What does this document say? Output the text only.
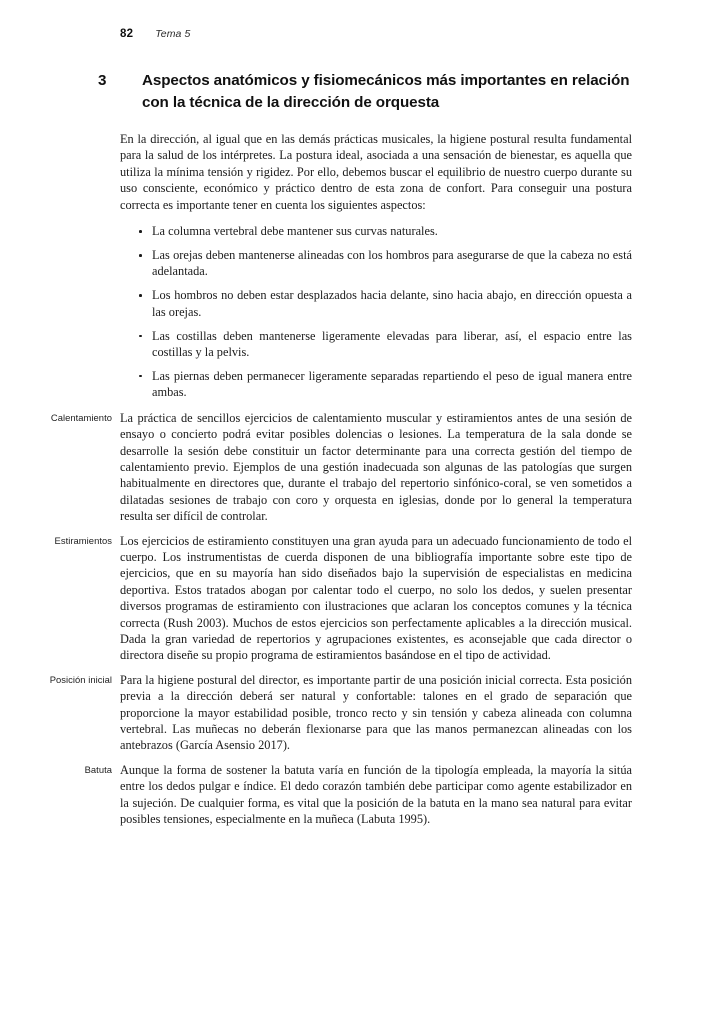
82 Tema 5
3 Aspectos anatómicos y fisiomecánicos más importantes en relación con la técnica de la dirección de orquesta

En la dirección, al igual que en las demás prácticas musicales, la higiene postural resulta fundamental para la salud de los intérpretes. La postura ideal, asociada a una sensación de bienestar, es aquella que utiliza la mínima tensión y rigidez. Por ello, debemos buscar el equilibrio de nuestro cuerpo durante su uso consciente, económico y práctico dentro de esta zona de confort. Para conseguir una postura correcta es importante tener en cuenta los siguientes aspectos:

La columna vertebral debe mantener sus curvas naturales.
Las orejas deben mantenerse alineadas con los hombros para asegurarse de que la cabeza no está adelantada.
Los hombros no deben estar desplazados hacia delante, sino hacia abajo, en dirección opuesta a las orejas.
Las costillas deben mantenerse ligeramente elevadas para liberar, así, el espacio entre las costillas y la pelvis.
Las piernas deben permanecer ligeramente separadas repartiendo el peso de igual manera entre ambas.

La práctica de sencillos ejercicios de calentamiento muscular y estiramientos antes de una sesión de ensayo o concierto podrá evitar posibles dolencias o lesiones. La temperatura de la sala donde se desarrolle la sesión debe constituir un factor determinante para una correcta gestión del tiempo de calentamiento previo. Ejemplos de una gestión inadecuada son algunas de las patologías que surgen habitualmente en directores que, durante el trabajo del repertorio sinfónico-coral, se ven sometidos a dilatadas sesiones de trabajo con coro y orquesta en iglesias, donde por lo general la temperatura resulta ser difícil de controlar.

Los ejercicios de estiramiento constituyen una gran ayuda para un adecuado funcionamiento de todo el cuerpo. Los instrumentistas de cuerda disponen de una bibliografía importante sobre este tipo de ejercicios, que en su mayoría han sido diseñados bajo la supervisión de especialistas en medicina deportiva. Estos tratados abogan por calentar todo el cuerpo, no solo los dedos, y suelen presentar diversos programas de estiramiento con ilustraciones que aclaran los conceptos comunes y la técnica correcta (Rush 2003). Muchos de estos ejercicios son perfectamente aplicables a la dirección musical. Dada la gran variedad de repertorios y agrupaciones existentes, es aconsejable que cada director o directora diseñe su propio programa de estiramientos basándose en el tipo de actividad.

Para la higiene postural del director, es importante partir de una posición inicial correcta. Esta posición previa a la dirección deberá ser natural y confortable: talones en el grado de separación que proporcione la mayor estabilidad posible, tronco recto y sin tensión y cabeza alineada con columna vertebral. Las muñecas no deberán flexionarse para que las manos permanezcan alineadas con los antebrazos (García Asensio 2017).

Aunque la forma de sostener la batuta varía en función de la tipología empleada, la mayoría la sitúa entre los dedos pulgar e índice. El dedo corazón también debe participar como agente estabilizador en la sujeción. De cualquier forma, es vital que la posición de la batuta en la mano sea natural para evitar posibles tensiones, especialmente en la muñeca (Labuta 1995).

Calentamiento
Estiramientos
Posición inicial
Batuta
